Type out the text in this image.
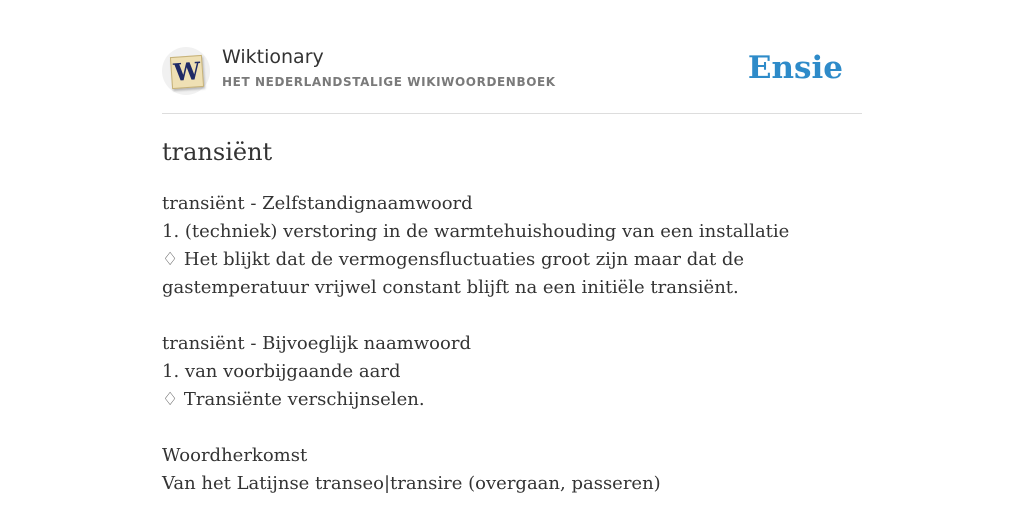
W Wiktionary
HET NEDERLANDSTALIGE WIKIWOORDENBOEK	Ensie
transiënt
transiënt - Zelfstandignaamwoord
1. (techniek) verstoring in de warmtehuishouding van een installatie
♢ Het blijkt dat de vermogensfluctuaties groot zijn maar dat de gastemperatuur vrijwel constant blijft na een initiële transiënt.
transiënt - Bijvoeglijk naamwoord
1. van voorbijgaande aard
♢ Transiënte verschijnselen.
Woordherkomst
Van het Latijnse transeo|transire (overgaan, passeren)
